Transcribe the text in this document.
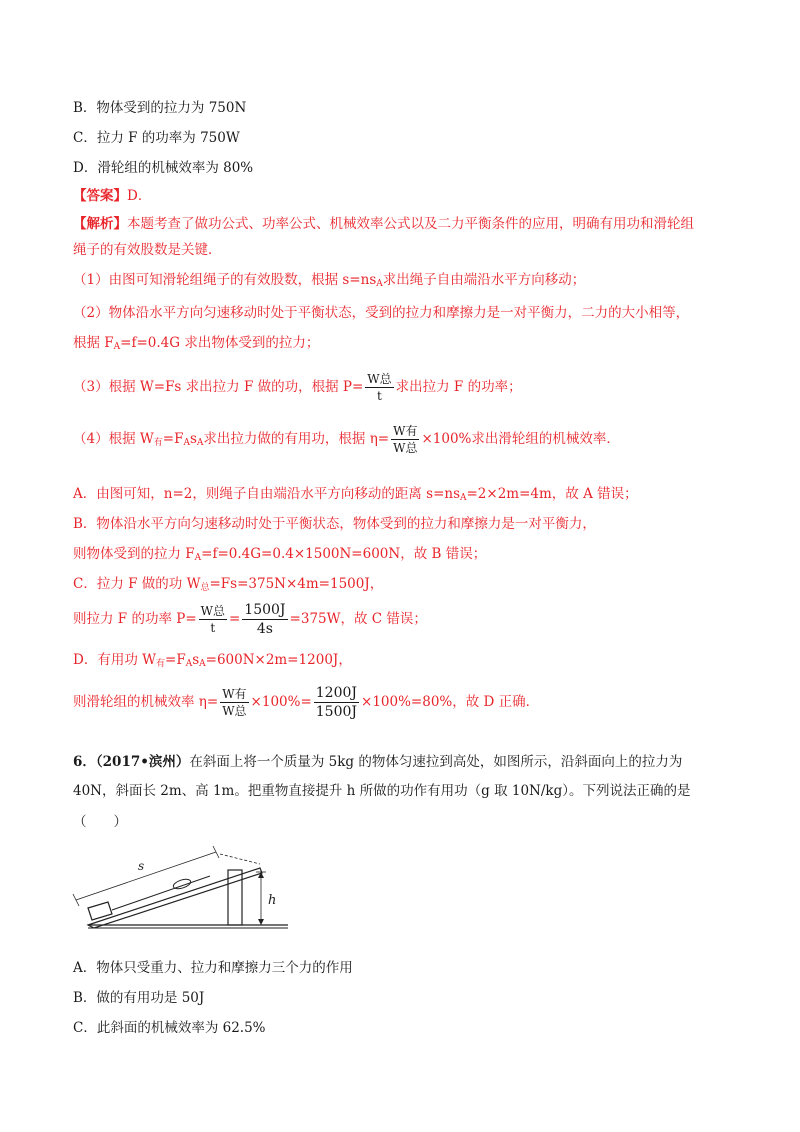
B．物体受到的拉力为 750N
C．拉力 F 的功率为 750W
D．滑轮组的机械效率为 80%
【答案】D．
【解析】本题考查了做功公式、功率公式、机械效率公式以及二力平衡条件的应用，明确有用功和滑轮组
绳子的有效股数是关键．
（1）由图可知滑轮组绳子的有效股数，根据 $s=ns_A$求出绳子自由端沿水平方向移动；
（2）物体沿水平方向匀速移动时处于平衡状态，受到的拉力和摩擦力是一对平衡力，二力的大小相等，
根据 $F_A=f=0.4G$ 求出物体受到的拉力；
（3）根据 W=Fs 求出拉力 F 做的功，根据 $P= \frac{\text{W总}}{t}$ 求出拉力 F 的功率；
（4）根据 $W_有=F_As_A$求出拉力做的有用功，根据 $\eta= \frac{\text{W有}}{\text{W总}} \times 100\%$求出滑轮组的机械效率．
A．由图可知，n=2，则绳子自由端沿水平方向移动的距离 $s=ns_A=2\times 2m=4m$，故 A 错误；
B．物体沿水平方向匀速移动时处于平衡状态，物体受到的拉力和摩擦力是一对平衡力，
则物体受到的拉力 $F_A=f=0.4G=0.4\times 1500N=600N$，故 B 错误；
C．拉力 F 做的功 $W_总=Fs=375N\times 4m=1500J$，
则拉力 F 的功率 $P= \frac{\text{W总}}{t} = \frac{1500J}{4s} =375W$，故 C 错误；
D．有用功 $W_有=F_As_A=600N\times 2m=1200J$，
则滑轮组的机械效率 $\eta= \frac{\text{W有}}{\text{W总}} \times 100\%= \frac{1200J}{1500J} \times 100\%=80\%$，故 D 正确．
6．（2017•滨州）在斜面上将一个质量为 5kg 的物体匀速拉到高处，如图所示，沿斜面向上的拉力为
40N，斜面长 2m、高 1m。把重物直接提升 h 所做的功作有用功（g 取 10N/kg）。下列说法正确的是
（　　）
s
h
A．物体只受重力、拉力和摩擦力三个力的作用
B．做的有用功是 50J
C．此斜面的机械效率为 62.5%
